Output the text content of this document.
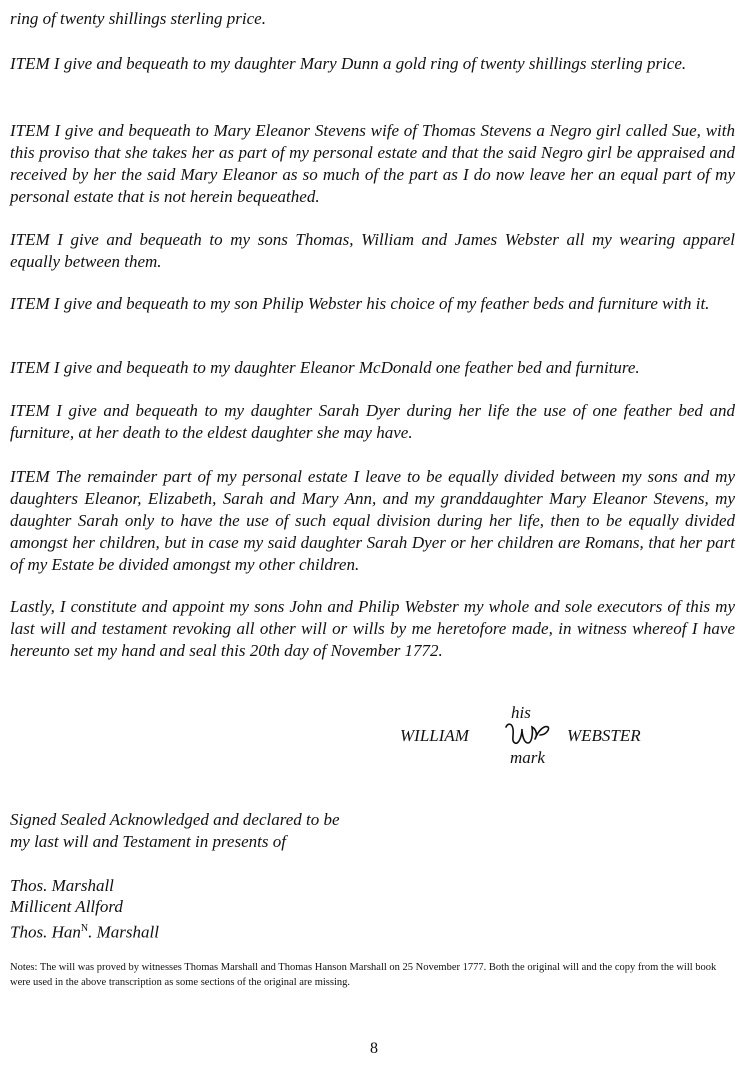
ring of twenty shillings sterling price.

ITEM I give and bequeath to my daughter Mary Dunn a gold ring of twenty shillings sterling price.

ITEM I give and bequeath to Mary Eleanor Stevens wife of Thomas Stevens a Negro girl called Sue, with this proviso that she takes her as part of my personal estate and that the said Negro girl be appraised and received by her the said Mary Eleanor as so much of the part as I do now leave her an equal part of my personal estate that is not herein bequeathed.

ITEM I give and bequeath to my sons Thomas, William and James Webster all my wearing apparel equally between them.

ITEM I give and bequeath to my son Philip Webster his choice of my feather beds and furniture with it.

ITEM I give and bequeath to my daughter Eleanor McDonald one feather bed and furniture.

ITEM I give and bequeath to my daughter Sarah Dyer during her life the use of one feather bed and furniture, at her death to the eldest daughter she may have.

ITEM The remainder part of my personal estate I leave to be equally divided between my sons and my daughters Eleanor, Elizabeth, Sarah and Mary Ann, and my granddaughter Mary Eleanor Stevens, my daughter Sarah only to have the use of such equal division during her life, then to be equally divided amongst her children, but in case my said daughter Sarah Dyer or her children are Romans, that her part of my Estate be divided amongst my other children.

Lastly, I constitute and appoint my sons John and Philip Webster my whole and sole executors of this my last will and testament revoking all other will or wills by me heretofore made, in witness whereof I have hereunto set my hand and seal this 20th day of November 1772.

his
WILLIAM	WEBSTER
mark
Signed Sealed Acknowledged and declared to be
my last will and Testament in presents of
Thos. Marshall
Millicent Allford
Thos. Han$^N$. Marshall

Notes: The will was proved by witnesses Thomas Marshall and Thomas Hanson Marshall on 25 November 1777. Both the original will and the copy from the will book were used in the above transcription as some sections of the original are missing.

8
